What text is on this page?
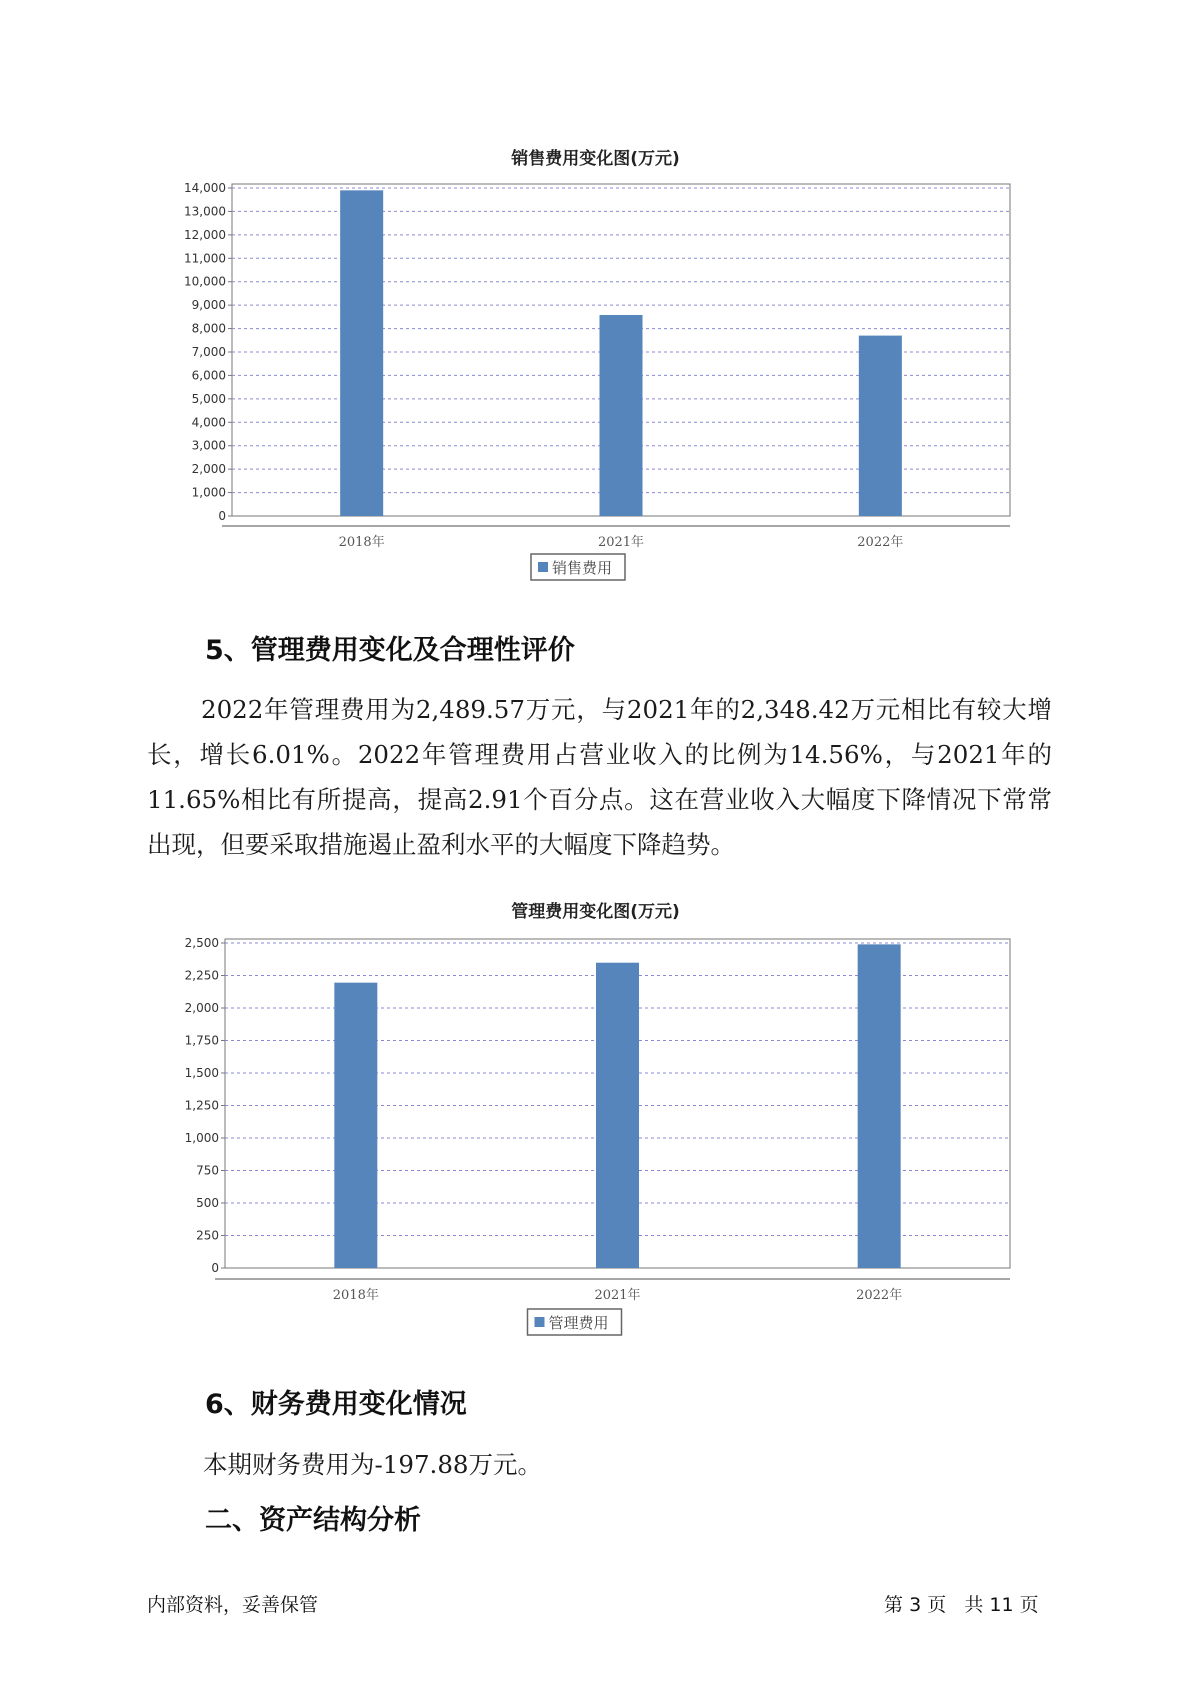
销售费用变化图(万元)
0
1,000
2,000
3,000
4,000
5,000
6,000
7,000
8,000
9,000
10,000
11,000
12,000
13,000
14,000
2018年	2021年	2022年
销售费用
5、管理费用变化及合理性评价
2022年管理费用为2,489.57万元，与2021年的2,348.42万元相比有较大增长，增长6.01%。2022年管理费用占营业收入的比例为14.56%，与2021年的11.65%相比有所提高，提高2.91个百分点。这在营业收入大幅度下降情况下常常出现，但要采取措施遏止盈利水平的大幅度下降趋势。
管理费用变化图(万元)
0
250
500
750
1,000
1,250
1,500
1,750
2,000
2,250
2,500
2018年	2021年	2022年
管理费用
6、财务费用变化情况
本期财务费用为-197.88万元。
二、资产结构分析
内部资料，妥善保管	第 3 页 共 11 页
